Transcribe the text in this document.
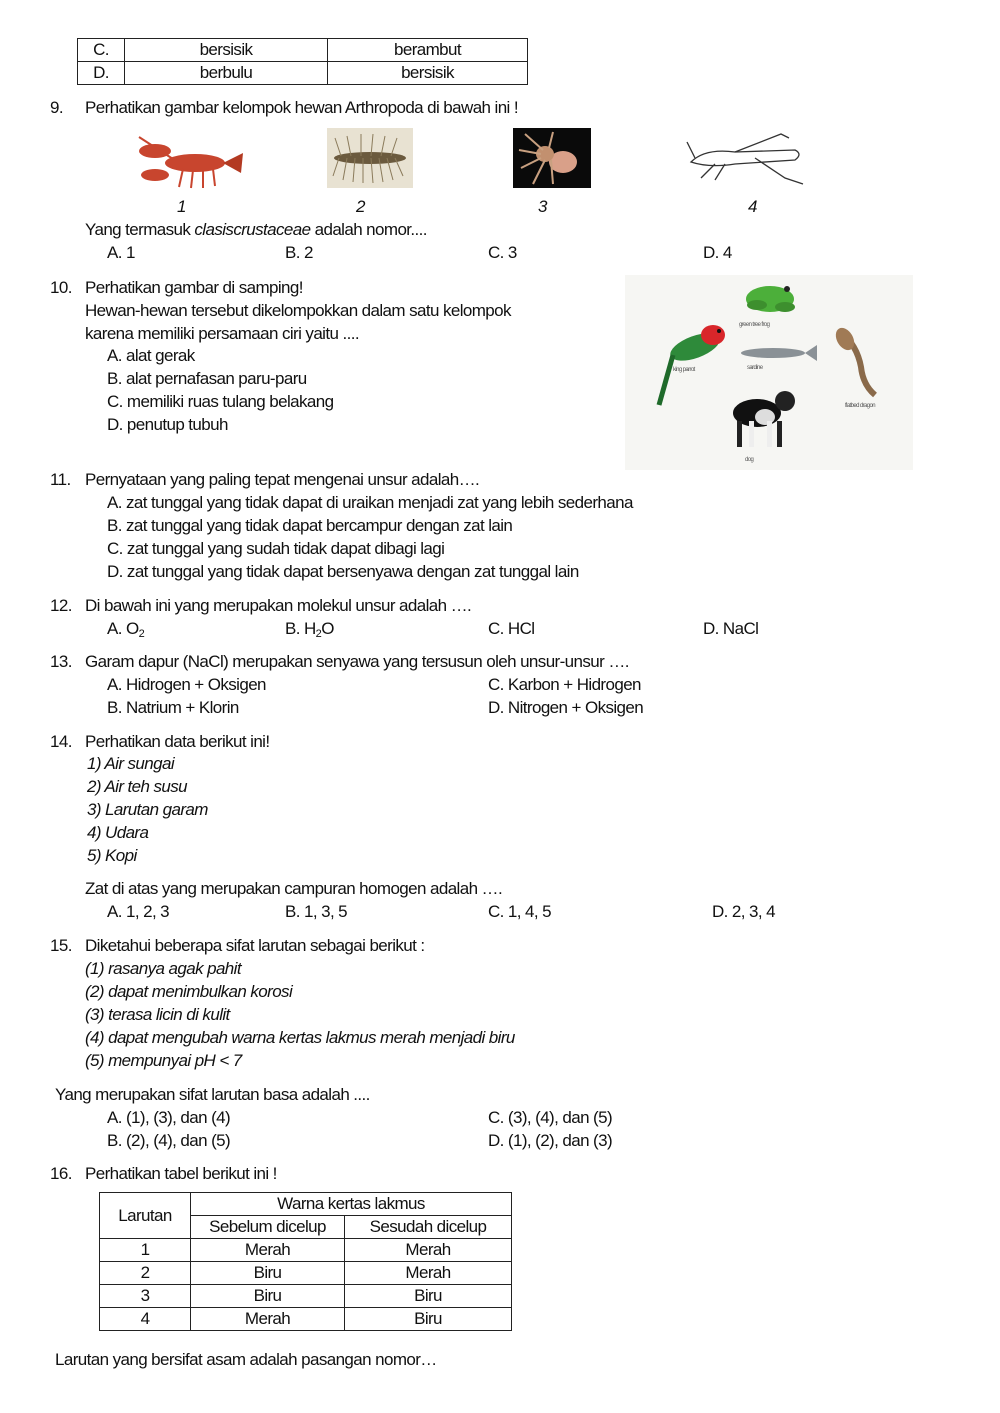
C.	bersisik	berambut
D.	berbulu	bersisik
9. Perhatikan gambar kelompok hewan Arthropoda di bawah ini !
1	2	3	4
Yang termasuk clasiscrustaceae adalah nomor....
A. 1	B. 2	C. 3	D. 4
10. Perhatikan gambar di samping!
Hewan-hewan tersebut dikelompokkan dalam satu kelompok
karena memiliki persamaan ciri yaitu ....
A. alat gerak
B. alat pernafasan paru-paru
C. memiliki ruas tulang belakang
D. penutup tubuh
green tree frog
king parrot	sardine
flatbed dragon
dog
11. Pernyataan yang paling tepat mengenai unsur adalah….
A. zat tunggal yang tidak dapat di uraikan menjadi zat yang lebih sederhana
B. zat tunggal yang tidak dapat bercampur dengan zat lain
C. zat tunggal yang sudah tidak dapat dibagi lagi
D. zat tunggal yang tidak dapat bersenyawa dengan zat tunggal lain
12. Di bawah ini yang merupakan molekul unsur adalah ….
A. $O_2$	B. $H_2O$	C. HCl	D. NaCl
13. Garam dapur (NaCl) merupakan senyawa yang tersusun oleh unsur-unsur ….
A. Hidrogen + Oksigen	C. Karbon + Hidrogen
B. Natrium + Klorin	D. Nitrogen + Oksigen
14. Perhatikan data berikut ini!
1) Air sungai
2) Air teh susu
3) Larutan garam
4) Udara
5) Kopi
Zat di atas yang merupakan campuran homogen adalah ….
A. 1, 2, 3	B. 1, 3, 5	C. 1, 4, 5	D. 2, 3, 4
15. Diketahui beberapa sifat larutan sebagai berikut :
(1) rasanya agak pahit
(2) dapat menimbulkan korosi
(3) terasa licin di kulit
(4) dapat mengubah warna kertas lakmus merah menjadi biru
(5) mempunyai pH < 7
Yang merupakan sifat larutan basa adalah ....
A. (1), (3), dan (4)	C. (3), (4), dan (5)
B. (2), (4), dan (5)	D. (1), (2), dan (3)
16. Perhatikan tabel berikut ini !
Larutan	Warna kertas lakmus	
	Sebelum dicelup	Sesudah dicelup
1	Merah	Merah
2	Biru	Merah
3	Biru	Biru
4	Merah	Biru
Larutan yang bersifat asam adalah pasangan nomor…
